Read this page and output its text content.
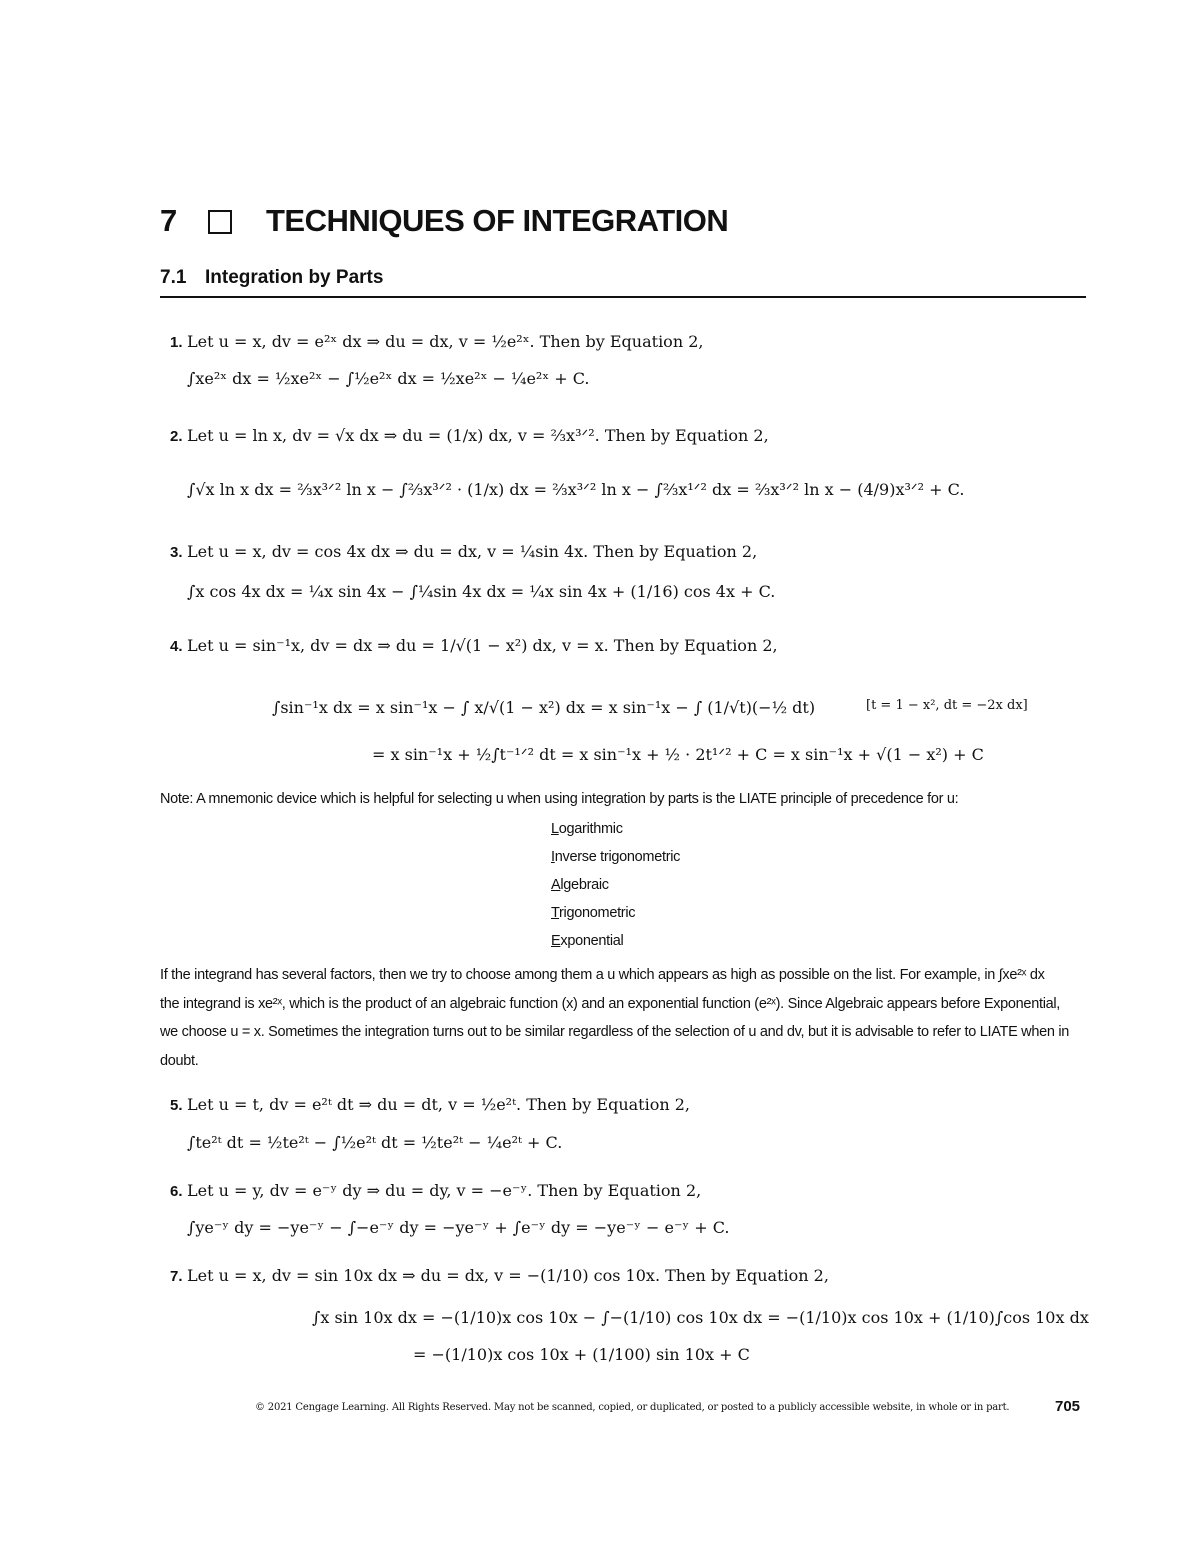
7	TECHNIQUES OF INTEGRATION
7.1 Integration by Parts
1. Let u = x, dv = e²ˣ dx ⇒ du = dx, v = ½e²ˣ. Then by Equation 2,
∫xe²ˣ dx = ½xe²ˣ − ∫½e²ˣ dx = ½xe²ˣ − ¼e²ˣ + C.
2. Let u = ln x, dv = √x dx ⇒ du = (1/x) dx, v = ⅔x³ᐟ². Then by Equation 2,
∫√x ln x dx = ⅔x³ᐟ² ln x − ∫⅔x³ᐟ² · (1/x) dx = ⅔x³ᐟ² ln x − ∫⅔x¹ᐟ² dx = ⅔x³ᐟ² ln x − (4/9)x³ᐟ² + C.
3. Let u = x, dv = cos 4x dx ⇒ du = dx, v = ¼sin 4x. Then by Equation 2,
∫x cos 4x dx = ¼x sin 4x − ∫¼sin 4x dx = ¼x sin 4x + (1/16) cos 4x + C.
4. Let u = sin⁻¹x, dv = dx ⇒ du = 1/√(1 − x²) dx, v = x. Then by Equation 2,
∫sin⁻¹x dx = x sin⁻¹x − ∫ x/√(1 − x²) dx = x sin⁻¹x − ∫ (1/√t)(−½ dt)	[t = 1 − x², dt = −2x dx]
= x sin⁻¹x + ½∫t⁻¹ᐟ² dt = x sin⁻¹x + ½ · 2t¹ᐟ² + C = x sin⁻¹x + √(1 − x²) + C
Note: A mnemonic device which is helpful for selecting u when using integration by parts is the LIATE principle of precedence for u:
Logarithmic
Inverse trigonometric
Algebraic
Trigonometric
Exponential
If the integrand has several factors, then we try to choose among them a u which appears as high as possible on the list. For example, in ∫xe²ˣ dx
the integrand is xe²ˣ, which is the product of an algebraic function (x) and an exponential function (e²ˣ). Since Algebraic appears before Exponential,
we choose u = x. Sometimes the integration turns out to be similar regardless of the selection of u and dv, but it is advisable to refer to LIATE when in
doubt.
5. Let u = t, dv = e²ᵗ dt ⇒ du = dt, v = ½e²ᵗ. Then by Equation 2,
∫te²ᵗ dt = ½te²ᵗ − ∫½e²ᵗ dt = ½te²ᵗ − ¼e²ᵗ + C.
6. Let u = y, dv = e⁻ʸ dy ⇒ du = dy, v = −e⁻ʸ. Then by Equation 2,
∫ye⁻ʸ dy = −ye⁻ʸ − ∫−e⁻ʸ dy = −ye⁻ʸ + ∫e⁻ʸ dy = −ye⁻ʸ − e⁻ʸ + C.
7. Let u = x, dv = sin 10x dx ⇒ du = dx, v = −(1/10) cos 10x. Then by Equation 2,
∫x sin 10x dx = −(1/10)x cos 10x − ∫−(1/10) cos 10x dx = −(1/10)x cos 10x + (1/10)∫cos 10x dx
= −(1/10)x cos 10x + (1/100) sin 10x + C
© 2021 Cengage Learning. All Rights Reserved. May not be scanned, copied, or duplicated, or posted to a publicly accessible website, in whole or in part.	705
